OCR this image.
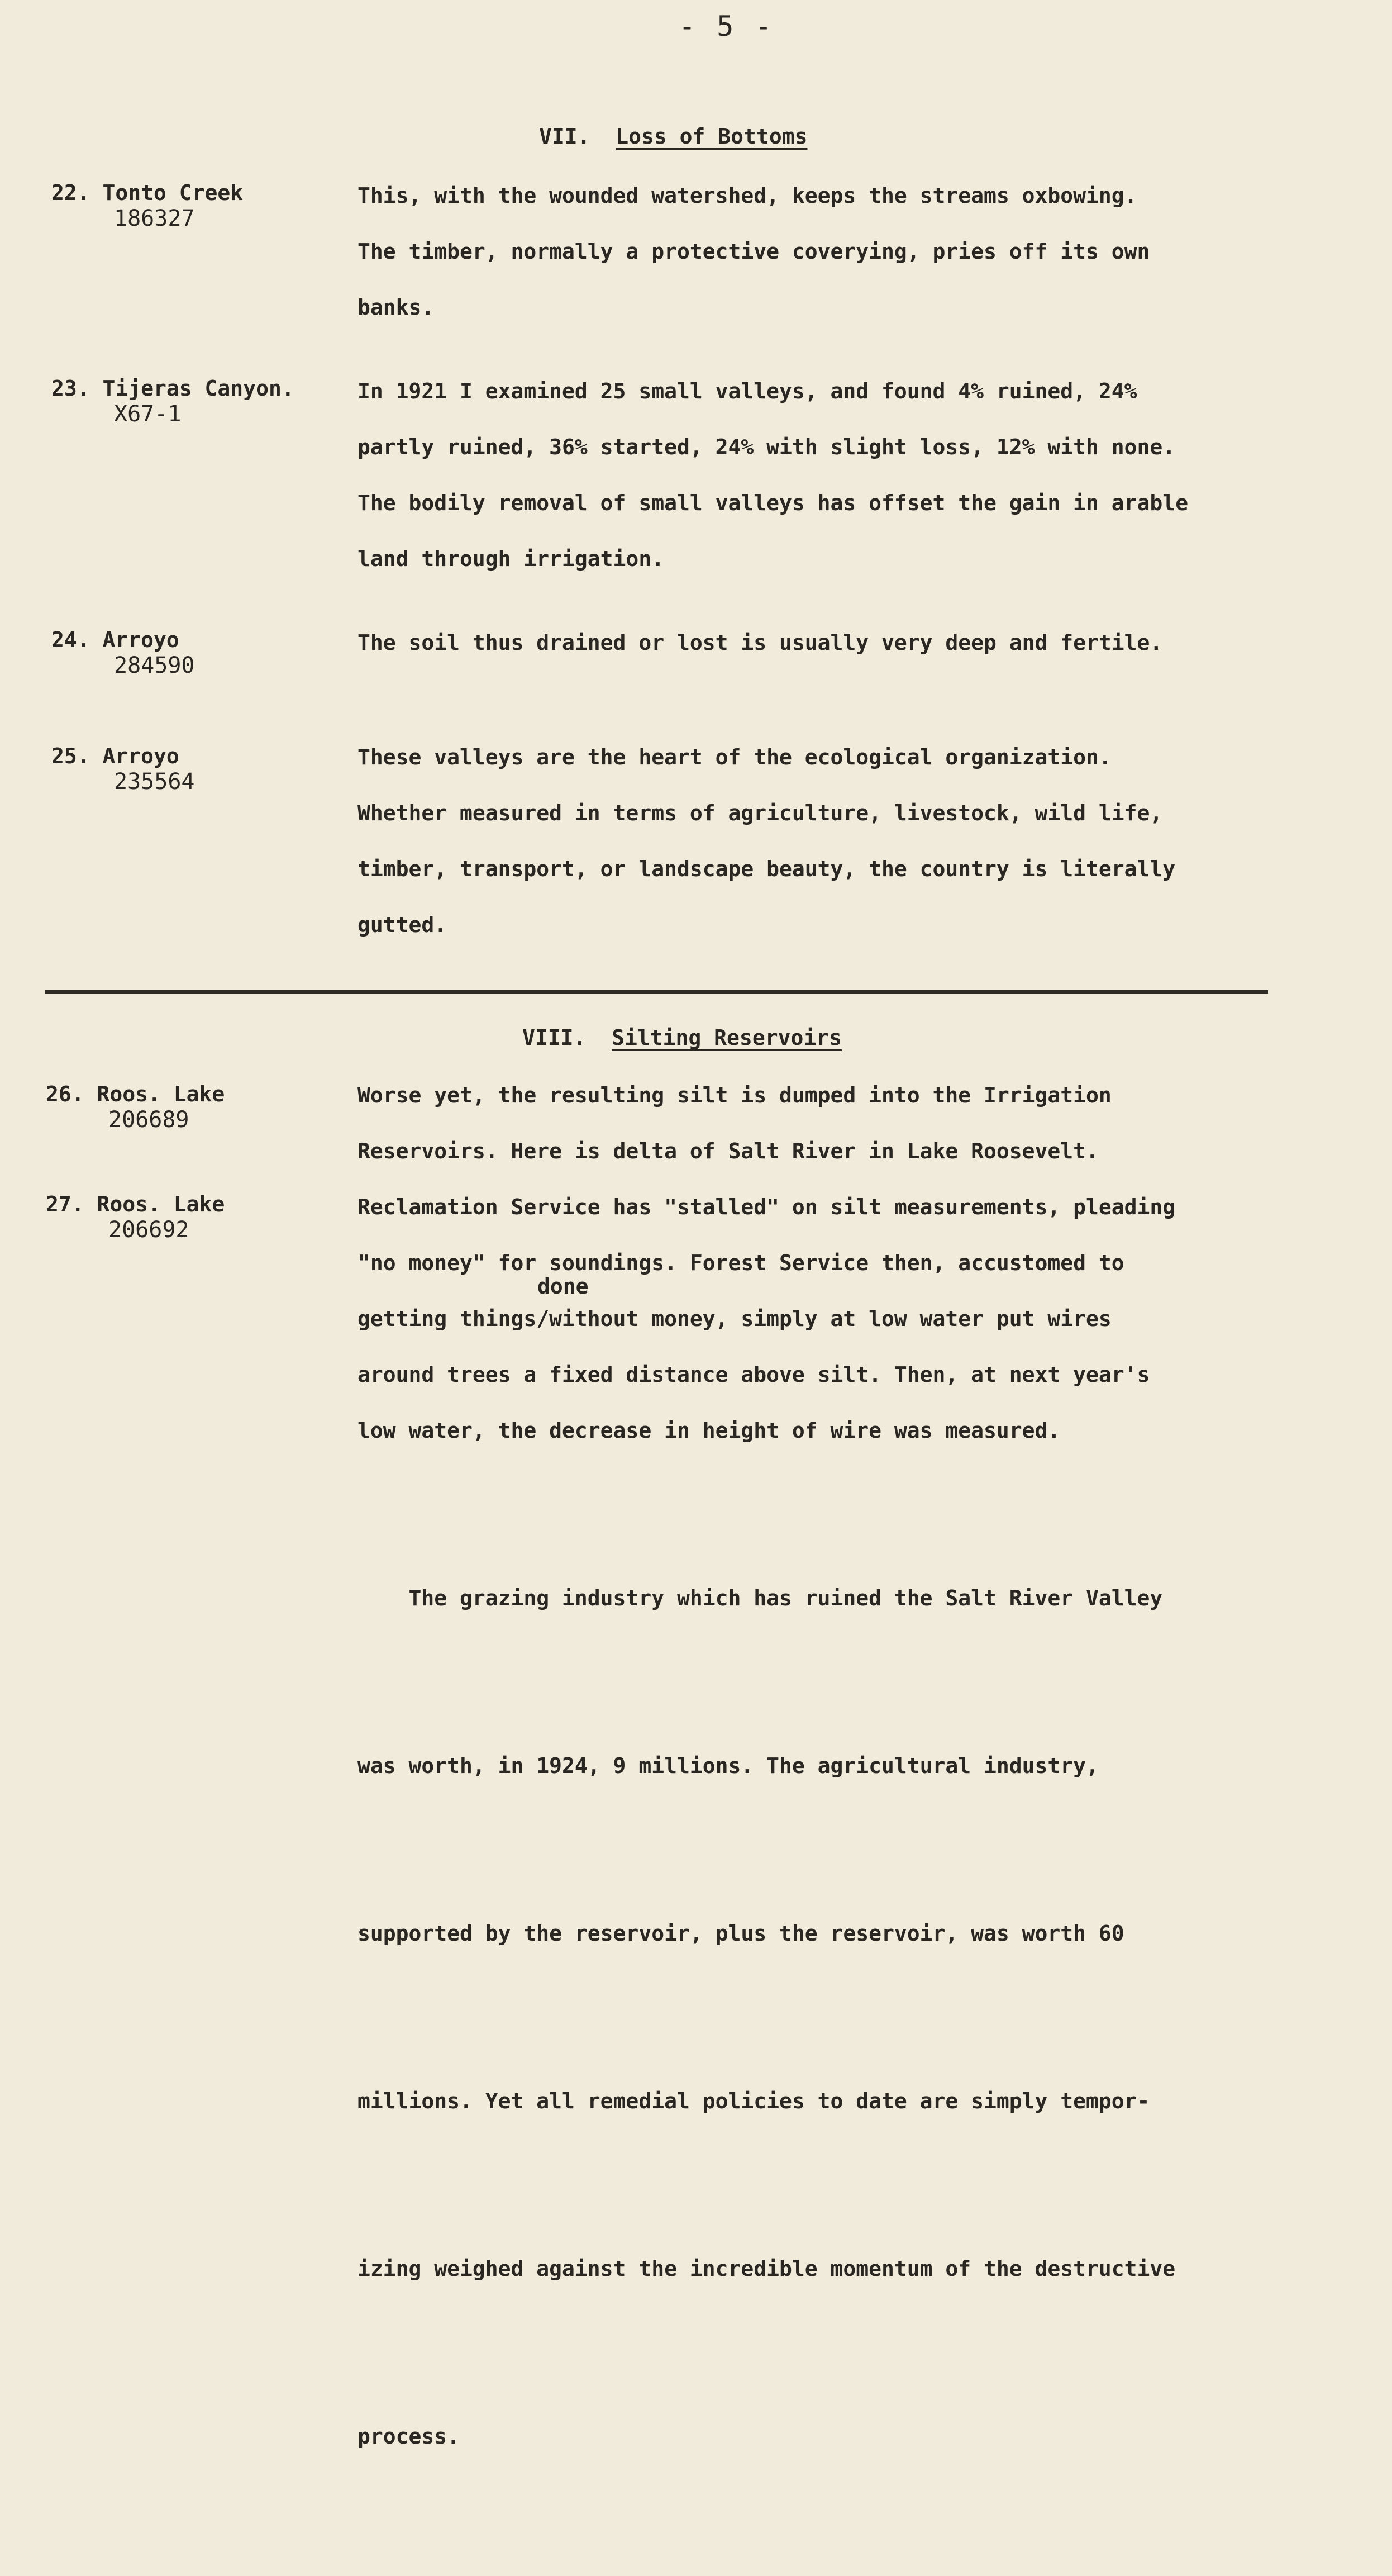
- 5 -
VII. Loss of Bottoms
22. Tonto Creek
186327
This, with the wounded watershed, keeps the streams oxbowing.
The timber, normally a protective coverying, pries off its own
banks.
23. Tijeras Canyon.
X67-1
In 1921 I examined 25 small valleys, and found 4% ruined, 24%
partly ruined, 36% started, 24% with slight loss, 12% with none.
The bodily removal of small valleys has offset the gain in arable
land through irrigation.
24. Arroyo
284590
The soil thus drained or lost is usually very deep and fertile.
25. Arroyo
235564
These valleys are the heart of the ecological organization.
Whether measured in terms of agriculture, livestock, wild life,
timber, transport, or landscape beauty, the country is literally
gutted.
VIII. Silting Reservoirs
26. Roos. Lake
206689
27. Roos. Lake
206692
Worse yet, the resulting silt is dumped into the Irrigation
Reservoirs. Here is delta of Salt River in Lake Roosevelt.
Reclamation Service has "stalled" on silt measurements, pleading
"no money" for soundings. Forest Service then, accustomed to
getting things/without money, simply at low water put wires
around trees a fixed distance above silt. Then, at next year's
low water, the decrease in height of wire was measured.
done

The grazing industry which has ruined the Salt River Valley

was worth, in 1924, 9 millions. The agricultural industry,

supported by the reservoir, plus the reservoir, was worth 60

millions. Yet all remedial policies to date are simply tempor-

izing weighed against the incredible momentum of the destructive

process.
